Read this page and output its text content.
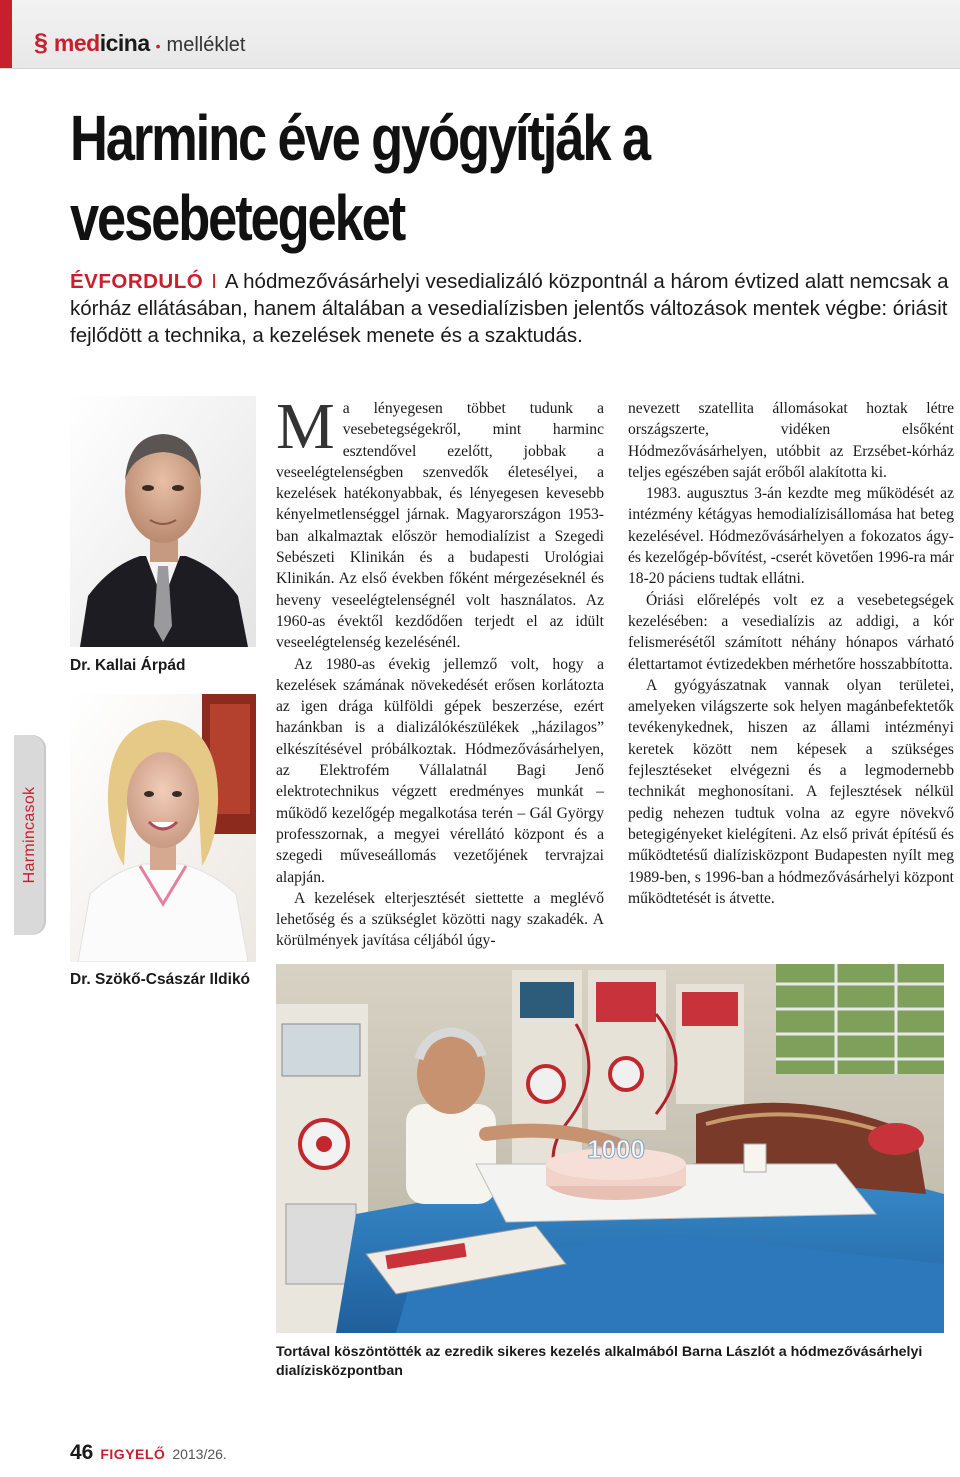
§ medicina • melléklet
Harmincasok
Harminc éve gyógyítják a vesebetegeket
ÉVFORDULÓ I A hódmezővásárhelyi vesedializáló központnál a három évtized alatt nemcsak a kórház ellátásában, hanem általában a vesedialízisben jelentős változások mentek végbe: óriásit fejlődött a technika, a kezelések menete és a szaktudás.
Dr. Kallai Árpád
Dr. Szökő-Császár Ildikó

Ma lényegesen többet tudunk a vesebetegségekről, mint harminc esztendővel ezelőtt, jobbak a veseelégtelenségben szenvedők életesélyei, a kezelések hatékonyabbak, és lényegesen kevesebb kényelmetlenséggel járnak. Magyarországon 1953-ban alkalmaztak először hemodialízist a Szegedi Sebészeti Klinikán és a budapesti Urológiai Klinikán. Az első években főként mérgezéseknél és heveny veseelégtelenségnél volt használatos. Az 1960-as évektől kezdődően terjedt el az idült veseelégtelenség kezelésénél.

Az 1980-as évekig jellemző volt, hogy a kezelések számának növekedését erősen korlátozta az igen drága külföldi gépek beszerzése, ezért hazánkban is a dializálókészülékek „házilagos” elkészítésével próbálkoztak. Hódmezővásárhelyen, az Elektrofém Vállalatnál Bagi Jenő elektrotechnikus végzett eredményes munkát – működő kezelőgép megalkotása terén – Gál György professzornak, a megyei vérellátó központ és a szegedi műveseállomás vezetőjének tervrajzai alapján.

A kezelések elterjesztését siettette a meglévő lehetőség és a szükséglet közötti nagy szakadék. A körülmények javítása céljából úgy-

nevezett szatellita állomásokat hoztak létre országszerte, vidéken elsőként Hódmezővásárhelyen, utóbbit az Erzsébet-kórház teljes egészében saját erőből alakította ki.

1983. augusztus 3-án kezdte meg működését az intézmény kétágyas hemodialízisállomása hat beteg kezelésével. Hódmezővásárhelyen a fokozatos ágy- és kezelőgép-bővítést, -cserét követően 1996-ra már 18-20 páciens tudtak ellátni.

Óriási előrelépés volt ez a vesebetegségek kezelésében: a vesedialízis az addigi, a kór felismerésétől számított néhány hónapos várható élettartamot évtizedekben mérhetőre hosszabbította.

A gyógyászatnak vannak olyan területei, amelyeken világszerte sok helyen magánbefektetők tevékenykednek, hiszen az állami intézményi keretek között nem képesek a szükséges fejlesztéseket elvégezni és a legmodernebb technikát meghonosítani. A fejlesztések nélkül pedig nehezen tudtuk volna az egyre növekvő betegigényeket kielégíteni. Az első privát építésű és működtetésű dialízisközpont Budapesten nyílt meg 1989-ben, s 1996-ban a hódmezővásárhelyi központ működtetését is átvette.

1000
Tortával köszöntötték az ezredik sikeres kezelés alkalmából Barna Lászlót a hódmezővásárhelyi dialízisközpontban
46 FIGYELŐ 2013/26.
